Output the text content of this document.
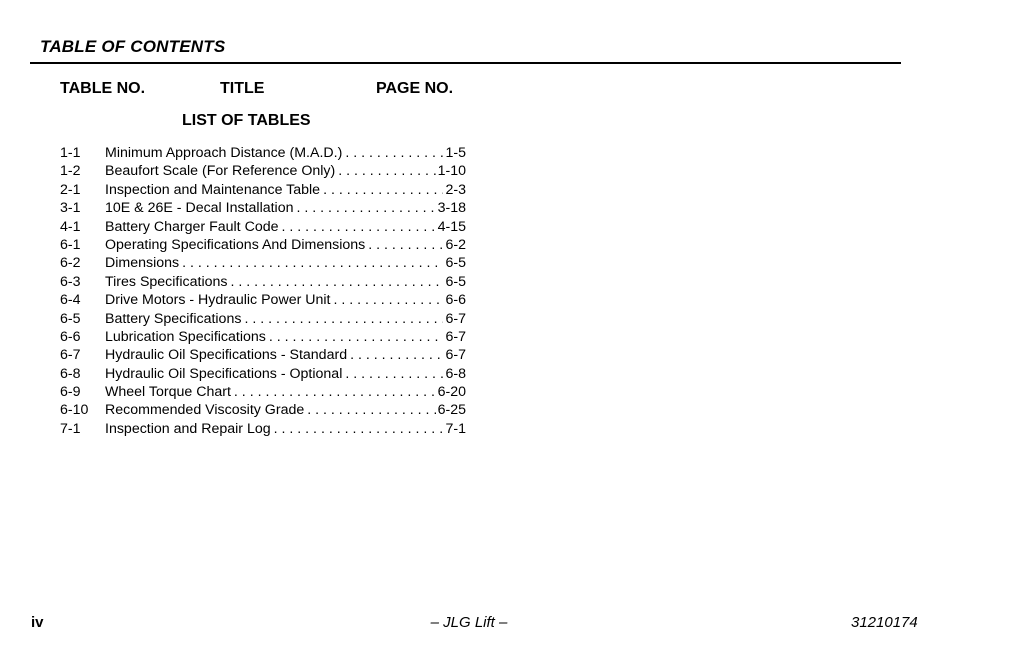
TABLE OF CONTENTS
TABLE NO.	TITLE	PAGE NO.
LIST OF TABLES
1-1	Minimum Approach Distance (M.A.D.) . . .	1-5
1-2	Beaufort Scale (For Reference Only) . . .	1-10
2-1	Inspection and Maintenance Table . . .	2-3
3-1	10E & 26E - Decal Installation . . .	3-18
4-1	Battery Charger Fault Code . . .	4-15
6-1	Operating Specifications And Dimensions . . .	6-2
6-2	Dimensions . . .	6-5
6-3	Tires Specifications . . .	6-5
6-4	Drive Motors - Hydraulic Power Unit . . .	6-6
6-5	Battery Specifications . . .	6-7
6-6	Lubrication Specifications . . .	6-7
6-7	Hydraulic Oil Specifications - Standard . . .	6-7
6-8	Hydraulic Oil Specifications - Optional . . .	6-8
6-9	Wheel Torque Chart . . .	6-20
6-10	Recommended Viscosity Grade . . .	6-25
7-1	Inspection and Repair Log . . .	7-1
iv	– JLG Lift –	31210174
